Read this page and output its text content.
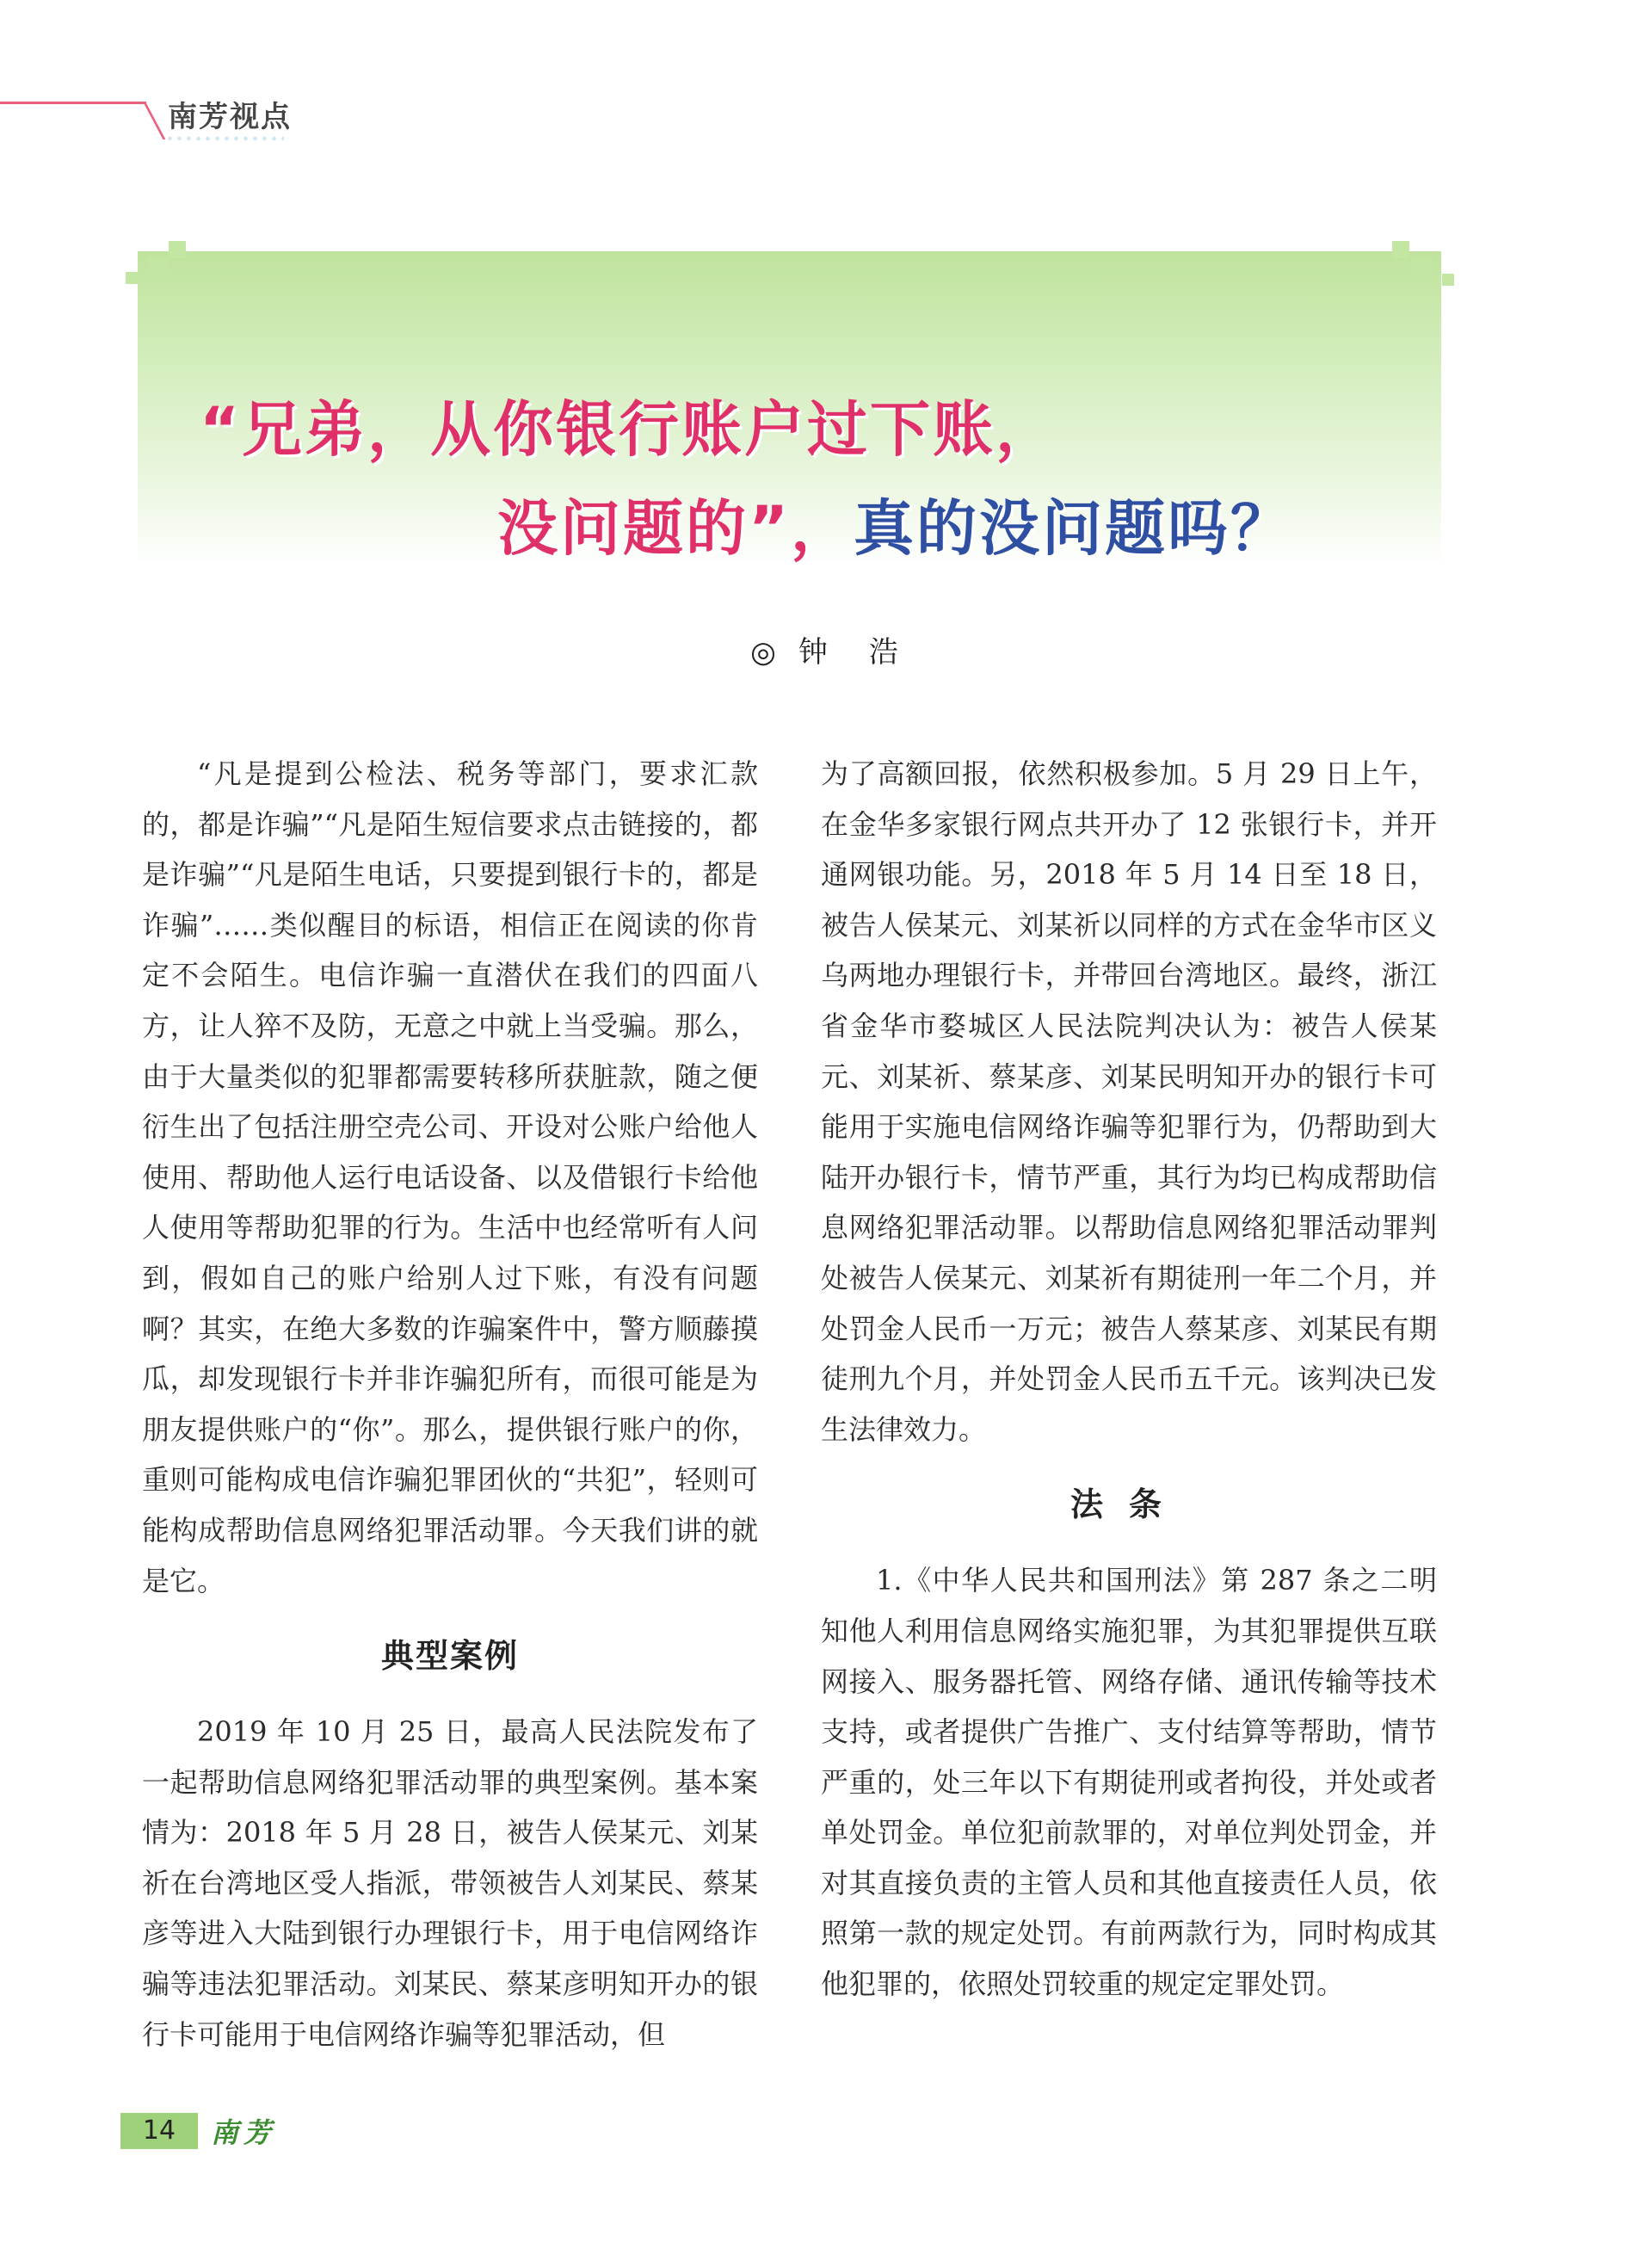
南芳视点
“兄弟，从你银行账户过下账，
没问题的”，真的没问题吗？
◎ 钟 浩

“凡是提到公检法、税务等部门，要求汇款的，都是诈骗”“凡是陌生短信要求点击链接的，都是诈骗”“凡是陌生电话，只要提到银行卡的，都是诈骗”……类似醒目的标语，相信正在阅读的你肯定不会陌生。电信诈骗一直潜伏在我们的四面八方，让人猝不及防，无意之中就上当受骗。那么，由于大量类似的犯罪都需要转移所获脏款，随之便衍生出了包括注册空壳公司、开设对公账户给他人使用、帮助他人运行电话设备、以及借银行卡给他人使用等帮助犯罪的行为。生活中也经常听有人问到，假如自己的账户给别人过下账，有没有问题啊？其实，在绝大多数的诈骗案件中，警方顺藤摸瓜，却发现银行卡并非诈骗犯所有，而很可能是为朋友提供账户的“你”。那么，提供银行账户的你，重则可能构成电信诈骗犯罪团伙的“共犯”，轻则可能构成帮助信息网络犯罪活动罪。今天我们讲的就是它。

典型案例

2019 年 10 月 25 日，最高人民法院发布了一起帮助信息网络犯罪活动罪的典型案例。基本案情为：2018 年 5 月 28 日，被告人侯某元、刘某祈在台湾地区受人指派，带领被告人刘某民、蔡某彦等进入大陆到银行办理银行卡，用于电信网络诈骗等违法犯罪活动。刘某民、蔡某彦明知开办的银行卡可能用于电信网络诈骗等犯罪活动，但

为了高额回报，依然积极参加。5 月 29 日上午，在金华多家银行网点共开办了 12 张银行卡，并开通网银功能。另，2018 年 5 月 14 日至 18 日，被告人侯某元、刘某祈以同样的方式在金华市区义乌两地办理银行卡，并带回台湾地区。最终，浙江省金华市婺城区人民法院判决认为：被告人侯某元、刘某祈、蔡某彦、刘某民明知开办的银行卡可能用于实施电信网络诈骗等犯罪行为，仍帮助到大陆开办银行卡，情节严重，其行为均已构成帮助信息网络犯罪活动罪。以帮助信息网络犯罪活动罪判处被告人侯某元、刘某祈有期徒刑一年二个月，并处罚金人民币一万元；被告人蔡某彦、刘某民有期徒刑九个月，并处罚金人民币五千元。该判决已发生法律效力。

法条

1.《中华人民共和国刑法》第 287 条之二明知他人利用信息网络实施犯罪，为其犯罪提供互联网接入、服务器托管、网络存储、通讯传输等技术支持，或者提供广告推广、支付结算等帮助，情节严重的，处三年以下有期徒刑或者拘役，并处或者单处罚金。单位犯前款罪的，对单位判处罚金，并对其直接负责的主管人员和其他直接责任人员，依照第一款的规定处罚。有前两款行为，同时构成其他犯罪的，依照处罚较重的规定定罪处罚。

14	南芳
